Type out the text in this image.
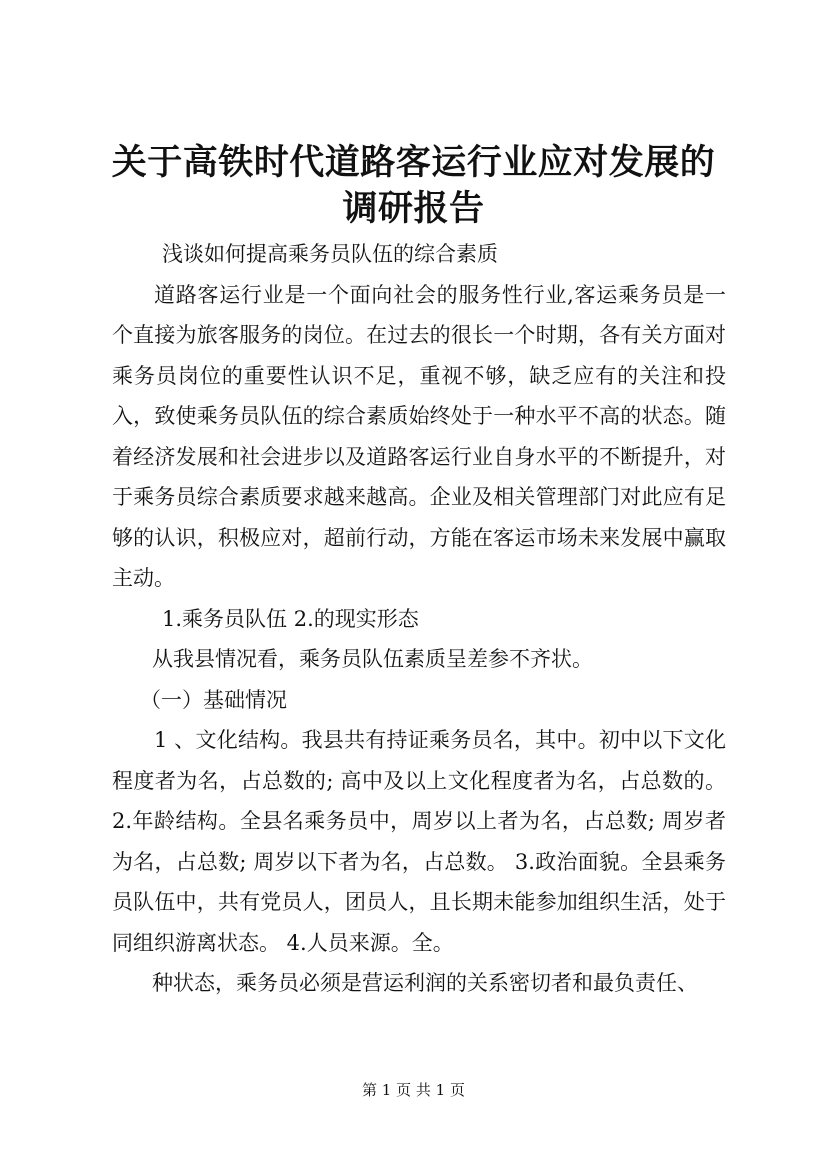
关于高铁时代道路客运行业应对发展的调研报告

浅谈如何提高乘务员队伍的综合素质

道路客运行业是一个面向社会的服务性行业,客运乘务员是一个直接为旅客服务的岗位。在过去的很长一个时期，各有关方面对乘务员岗位的重要性认识不足，重视不够，缺乏应有的关注和投入，致使乘务员队伍的综合素质始终处于一种水平不高的状态。随着经济发展和社会进步以及道路客运行业自身水平的不断提升，对于乘务员综合素质要求越来越高。企业及相关管理部门对此应有足够的认识，积极应对，超前行动，方能在客运市场未来发展中赢取主动。

1.乘务员队伍 2.的现实形态

从我县情况看，乘务员队伍素质呈差参不齐状。

（一）基础情况

1 、文化结构。我县共有持证乘务员名，其中。初中以下文化程度者为名，占总数的; 高中及以上文化程度者为名，占总数的。 2.年龄结构。全县名乘务员中，周岁以上者为名，占总数; 周岁者为名，占总数; 周岁以下者为名，占总数。 3.政治面貌。全县乘务员队伍中，共有党员人，团员人，且长期未能参加组织生活，处于同组织游离状态。 4.人员来源。全。

种状态，乘务员必须是营运利润的关系密切者和最负责任、

第 1 页 共 1 页
